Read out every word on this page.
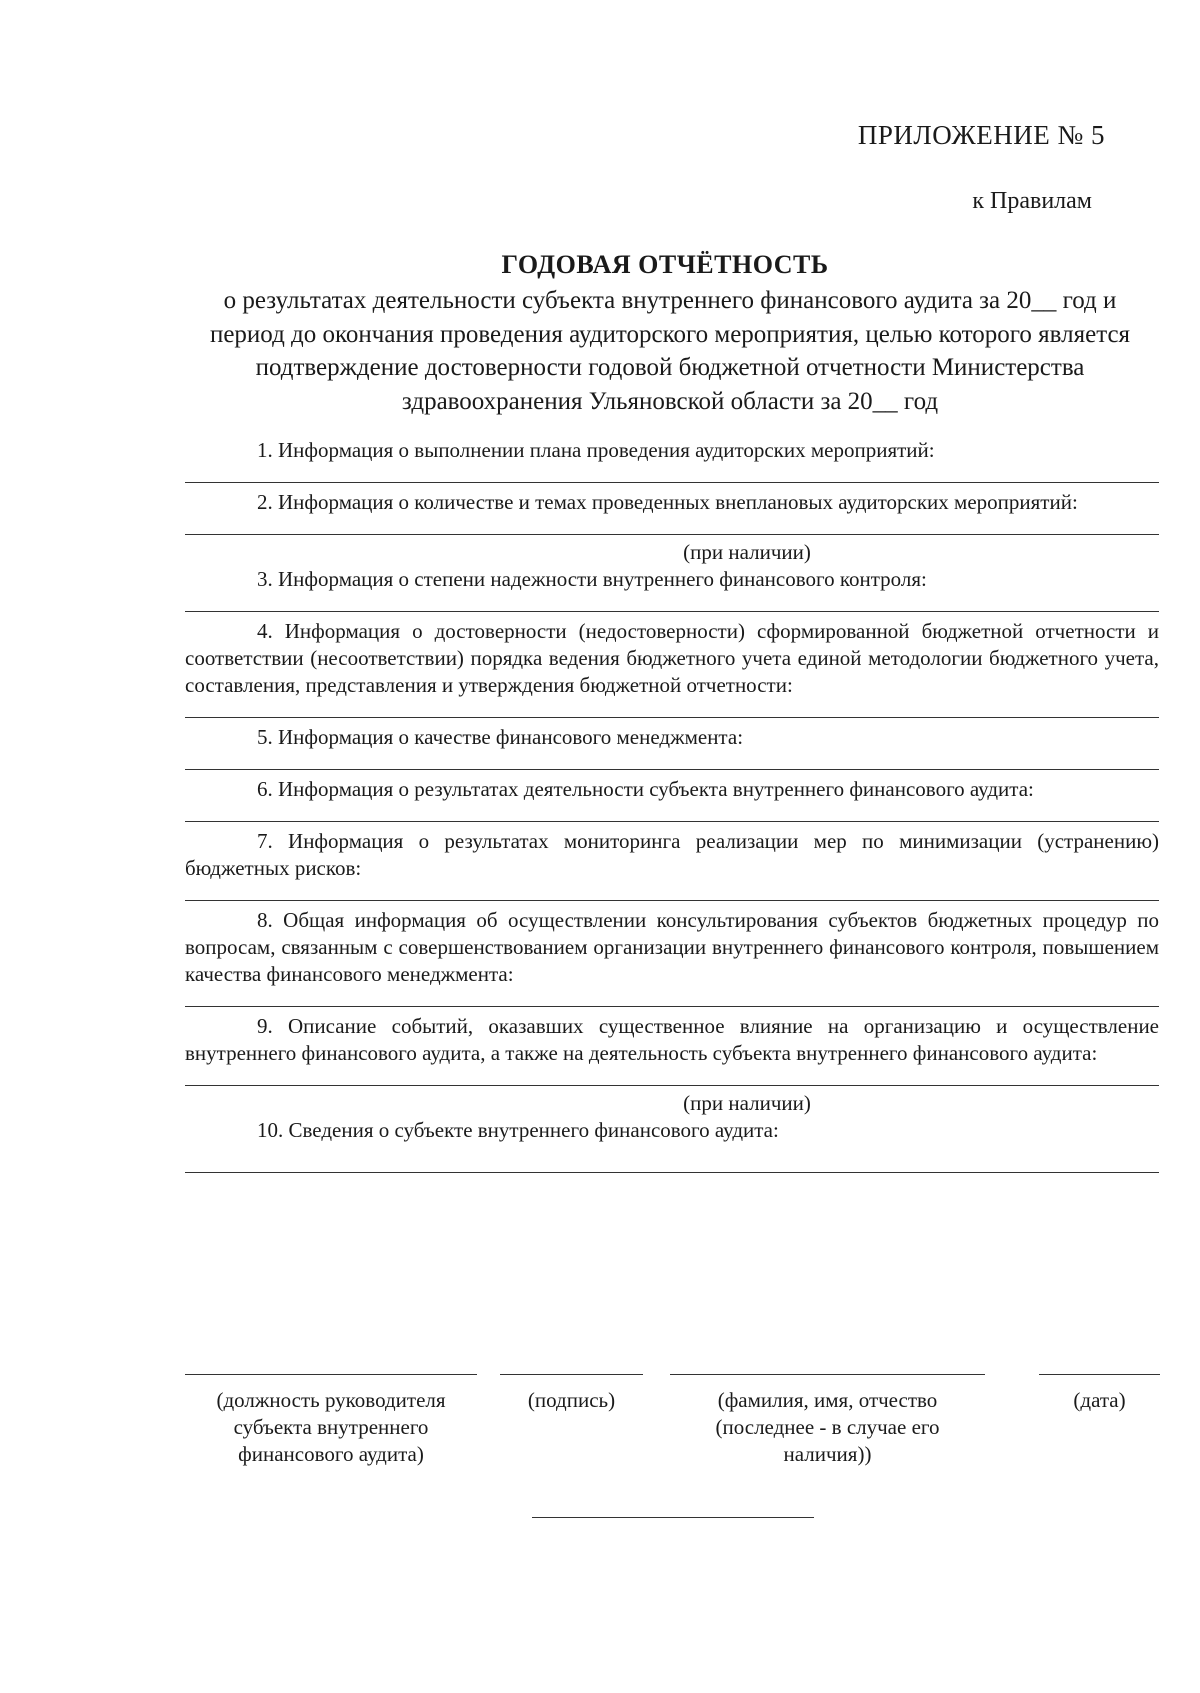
ПРИЛОЖЕНИЕ № 5
к Правилам
ГОДОВАЯ ОТЧЁТНОСТЬ
о результатах деятельности субъекта внутреннего финансового аудита за 20__ год и период до окончания проведения аудиторского мероприятия, целью которого является подтверждение достоверности годовой бюджетной отчетности Министерства здравоохранения Ульяновской области за 20__ год

1. Информация о выполнении плана проведения аудиторских мероприятий:

2. Информация о количестве и темах проведенных внеплановых аудиторских мероприятий:

(при наличии)

3. Информация о степени надежности внутреннего финансового контроля:

4. Информация о достоверности (недостоверности) сформированной бюджетной отчетности и соответствии (несоответствии) порядка ведения бюджетного учета единой методологии бюджетного учета, составления, представления и утверждения бюджетной отчетности:

5. Информация о качестве финансового менеджмента:

6. Информация о результатах деятельности субъекта внутреннего финансового аудита:

7. Информация о результатах мониторинга реализации мер по минимизации (устранению) бюджетных рисков:

8. Общая информация об осуществлении консультирования субъектов бюджетных процедур по вопросам, связанным с совершенствованием организации внутреннего финансового контроля, повышением качества финансового менеджмента:

9. Описание событий, оказавших существенное влияние на организацию и осуществление внутреннего финансового аудита, а также на деятельность субъекта внутреннего финансового аудита:

(при наличии)

10. Сведения о субъекте внутреннего финансового аудита:

(должность руководителя субъекта внутреннего финансового аудита)
(подпись)	(фамилия, имя, отчество (последнее - в случае его наличия))
(дата)
